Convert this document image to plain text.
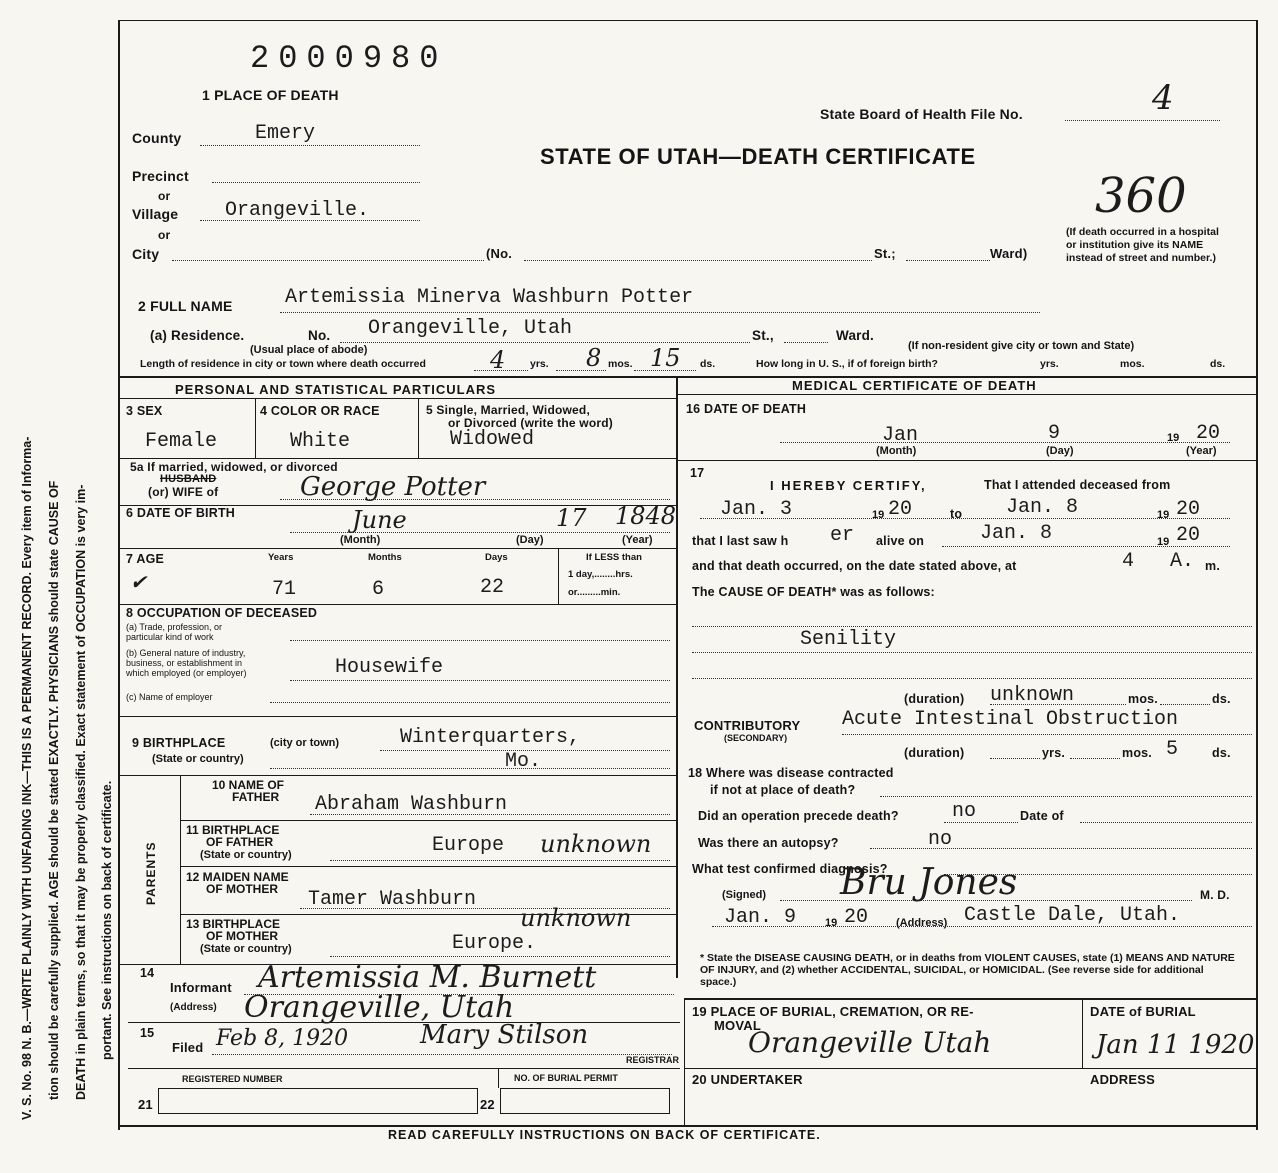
V. S. No. 98 N. B.—WRITE PLAINLY WITH UNFADING INK—THIS IS A PERMANENT RECORD. Every item of Informa- tion should be carefully supplied. AGE should be stated EXACTLY. PHYSICIANS should state CAUSE OF DEATH in plain terms, so that it may be properly classified. Exact statement of OCCUPATION is very im- portant. See instructions on back of certificate.
2000980
1 PLACE OF DEATH
State Board of Health File No.	4
STATE OF UTAH—DEATH CERTIFICATE
360
(If death occurred in a hospital or institution give its NAME instead of street and number.)
County	Emery
Precinct
or
Village Orangeville.
or
City	(No.	St.;	Ward)
2 FULL NAME	Artemissia Minerva Washburn Potter
(a) Residence.	No. Orangeville, Utah	St.,	Ward.
(Usual place of abode)	(If non-resident give city or town and State)
Length of residence in city or town where death occurred	4 yrs. 8 mos. 15 ds.	How long in U. S., if of foreign birth?	yrs.	mos.	ds.
PERSONAL AND STATISTICAL PARTICULARS	MEDICAL CERTIFICATE OF DEATH
3 SEX
Female
4 COLOR OR RACE
White
5 Single, Married, Widowed,
or Divorced (write the word)
Widowed
5a If married, widowed, or divorced
HUSBAND
(or) WIFE of	George Potter
6 DATE OF BIRTH	June	17 1848
(Month)	(Day)	(Year)
7 AGE
✔
Years	Months	Days
71	6	22
If LESS than
1 day,........hrs.
or.........min.
8 OCCUPATION OF DECEASED
(a) Trade, profession, or
particular kind of work
(b) General nature of industry,
business, or establishment in
which employed (or employer)	Housewife
(c) Name of employer
9 BIRTHPLACE	(city or town)
(State or country)
Winterquarters,
Mo.
PARENTS
10 NAME OF
FATHER Abraham Washburn
11 BIRTHPLACE
OF FATHER
(State or country)	Europe unknown
12 MAIDEN NAME
OF MOTHER Tamer Washburn
13 BIRTHPLACE
OF MOTHER
(State or country)
unknown
Europe.
14
Informant Artemissia M. Burnett
(Address) Orangeville, Utah
15
Filed Feb 8, 1920	Mary Stilson
REGISTRAR
REGISTERED NUMBER	NO. OF BURIAL PERMIT
21	22
16 DATE OF DEATH
Jan	9	19 20
(Month)	(Day)	(Year)
17
I HEREBY CERTIFY,	That I attended deceased from
Jan. 3	19 20	to Jan. 8	19 20
that I last saw h er alive on	Jan. 8	19 20
and that death occurred, on the date stated above, at	4 A. m.
The CAUSE OF DEATH* was as follows:
Senility
(duration) unknown	mos.	ds.
CONTRIBUTORY
(SECONDARY)
Acute Intestinal Obstruction
(duration)	yrs.	mos. 5	ds.
18 Where was disease contracted
if not at place of death?
Did an operation precede death?	no	Date of
Was there an autopsy?	no
What test confirmed diagnosis?
(Signed) Bru Jones	M. D.
Jan. 9	19 20	(Address) Castle Dale, Utah.
* State the DISEASE CAUSING DEATH, or in deaths from VIOLENT CAUSES, state (1) MEANS AND NATURE OF INJURY, and (2) whether ACCIDENTAL, SUICIDAL, or HOMICIDAL. (See reverse side for additional space.)
19 PLACE OF BURIAL, CREMATION, OR RE-
MOVAL
Orangeville Utah
DATE of BURIAL
Jan 11 1920
20 UNDERTAKER	ADDRESS
READ CAREFULLY INSTRUCTIONS ON BACK OF CERTIFICATE.
